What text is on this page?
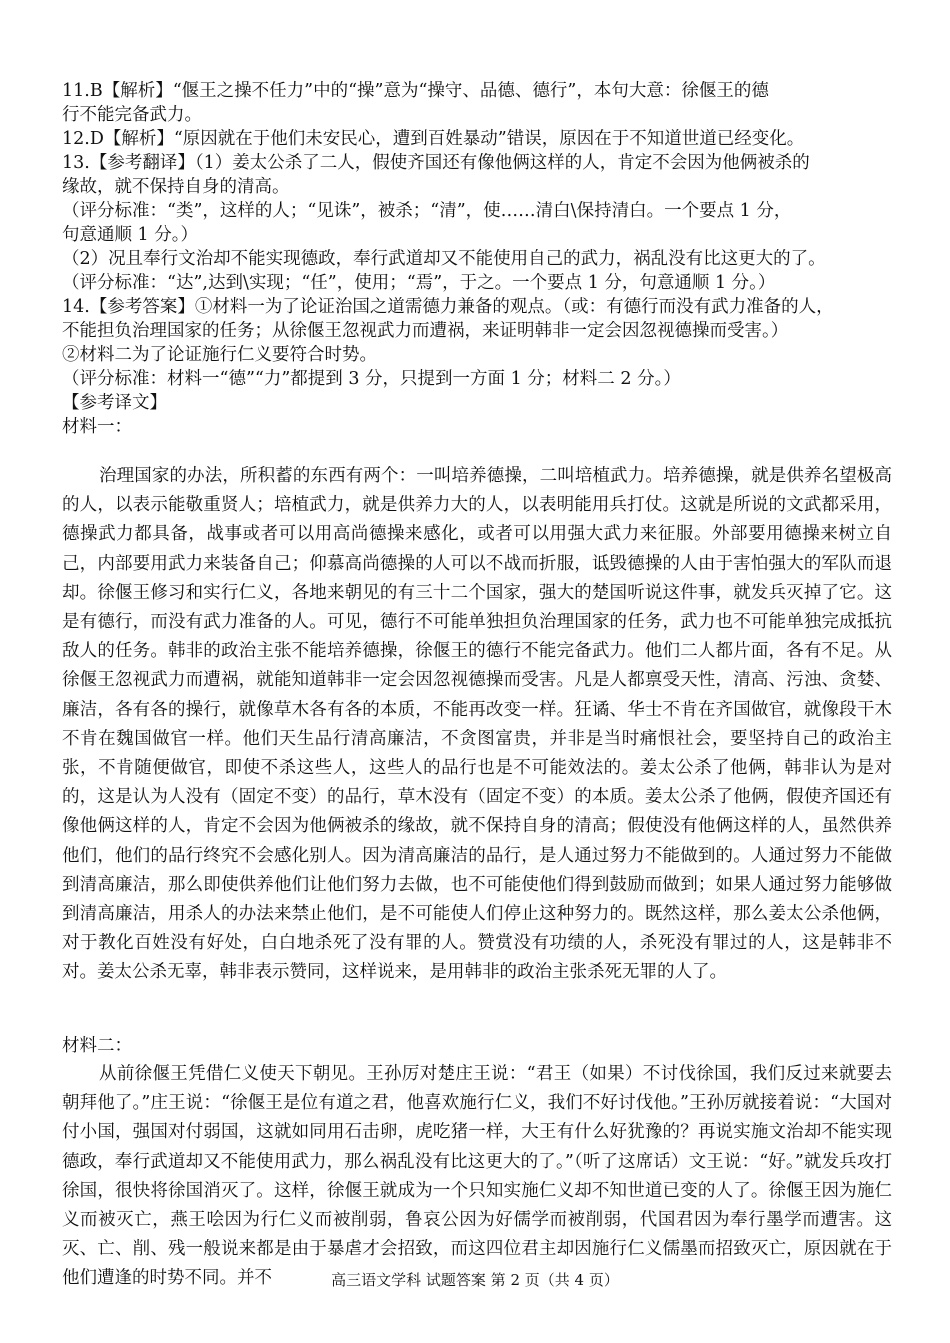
11.B【解析】“偃王之操不任力”中的“操”意为“操守、品德、德行”，本句大意：徐偃王的德
行不能完备武力。
12.D【解析】“原因就在于他们未安民心，遭到百姓暴动”错误，原因在于不知道世道已经变化。
13.【参考翻译】（1）姜太公杀了二人，假使齐国还有像他俩这样的人，肯定不会因为他俩被杀的
缘故，就不保持自身的清高。
（评分标准：“类”，这样的人；“见诛”，被杀；“清”，使……清白\保持清白。一个要点 1 分，
句意通顺 1 分。）
（2）况且奉行文治却不能实现德政，奉行武道却又不能使用自己的武力，祸乱没有比这更大的了。
（评分标准：“达”,达到\实现；“任”，使用；“焉”，于之。一个要点 1 分，句意通顺 1 分。）
14.【参考答案】①材料一为了论证治国之道需德力兼备的观点。（或：有德行而没有武力准备的人，
不能担负治理国家的任务；从徐偃王忽视武力而遭祸，来证明韩非一定会因忽视德操而受害。）
②材料二为了论证施行仁义要符合时势。
（评分标准：材料一“德”“力”都提到 3 分，只提到一方面 1 分；材料二 2 分。）
【参考译文】
材料一：
治理国家的办法，所积蓄的东西有两个：一叫培养德操，二叫培植武力。培养德操，就是供养名望极高的人，以表示能敬重贤人；培植武力，就是供养力大的人，以表明能用兵打仗。这就是所说的文武都采用，德操武力都具备，战事或者可以用高尚德操来感化，或者可以用强大武力来征服。外部要用德操来树立自己，内部要用武力来装备自己；仰慕高尚德操的人可以不战而折服，诋毁德操的人由于害怕强大的军队而退却。徐偃王修习和实行仁义，各地来朝见的有三十二个国家，强大的楚国听说这件事，就发兵灭掉了它。这是有德行，而没有武力准备的人。可见，德行不可能单独担负治理国家的任务，武力也不可能单独完成抵抗敌人的任务。韩非的政治主张不能培养德操，徐偃王的德行不能完备武力。他们二人都片面，各有不足。从徐偃王忽视武力而遭祸，就能知道韩非一定会因忽视德操而受害。凡是人都禀受天性，清高、污浊、贪婪、廉洁，各有各的操行，就像草木各有各的本质，不能再改变一样。狂谲、华士不肯在齐国做官，就像段干木不肯在魏国做官一样。他们天生品行清高廉洁，不贪图富贵，并非是当时痛恨社会，要坚持自己的政治主张，不肯随便做官，即使不杀这些人，这些人的品行也是不可能效法的。姜太公杀了他俩，韩非认为是对的，这是认为人没有（固定不变）的品行，草木没有（固定不变）的本质。姜太公杀了他俩，假使齐国还有像他俩这样的人，肯定不会因为他俩被杀的缘故，就不保持自身的清高；假使没有他俩这样的人，虽然供养他们，他们的品行终究不会感化别人。因为清高廉洁的品行，是人通过努力不能做到的。人通过努力不能做到清高廉洁，那么即使供养他们让他们努力去做，也不可能使他们得到鼓励而做到；如果人通过努力能够做到清高廉洁，用杀人的办法来禁止他们，是不可能使人们停止这种努力的。既然这样，那么姜太公杀他俩，对于教化百姓没有好处，白白地杀死了没有罪的人。赞赏没有功绩的人，杀死没有罪过的人，这是韩非不对。姜太公杀无辜，韩非表示赞同，这样说来，是用韩非的政治主张杀死无罪的人了。
材料二：
从前徐偃王凭借仁义使天下朝见。王孙厉对楚庄王说：“君王（如果）不讨伐徐国，我们反过来就要去朝拜他了。”庄王说：“徐偃王是位有道之君，他喜欢施行仁义，我们不好讨伐他。”王孙厉就接着说：“大国对付小国，强国对付弱国，这就如同用石击卵，虎吃猪一样，大王有什么好犹豫的？再说实施文治却不能实现德政，奉行武道却又不能使用武力，那么祸乱没有比这更大的了。”（听了这席话）文王说：“好。”就发兵攻打徐国，很快将徐国消灭了。这样，徐偃王就成为一个只知实施仁义却不知世道已变的人了。徐偃王因为施仁义而被灭亡，燕王哙因为行仁义而被削弱，鲁哀公因为好儒学而被削弱，代国君因为奉行墨学而遭害。这灭、亡、削、残一般说来都是由于暴虐才会招致，而这四位君主却因施行仁义儒墨而招致灭亡，原因就在于他们遭逢的时势不同。并不	高三语文学科 试题答案 第 2 页（共 4 页）
